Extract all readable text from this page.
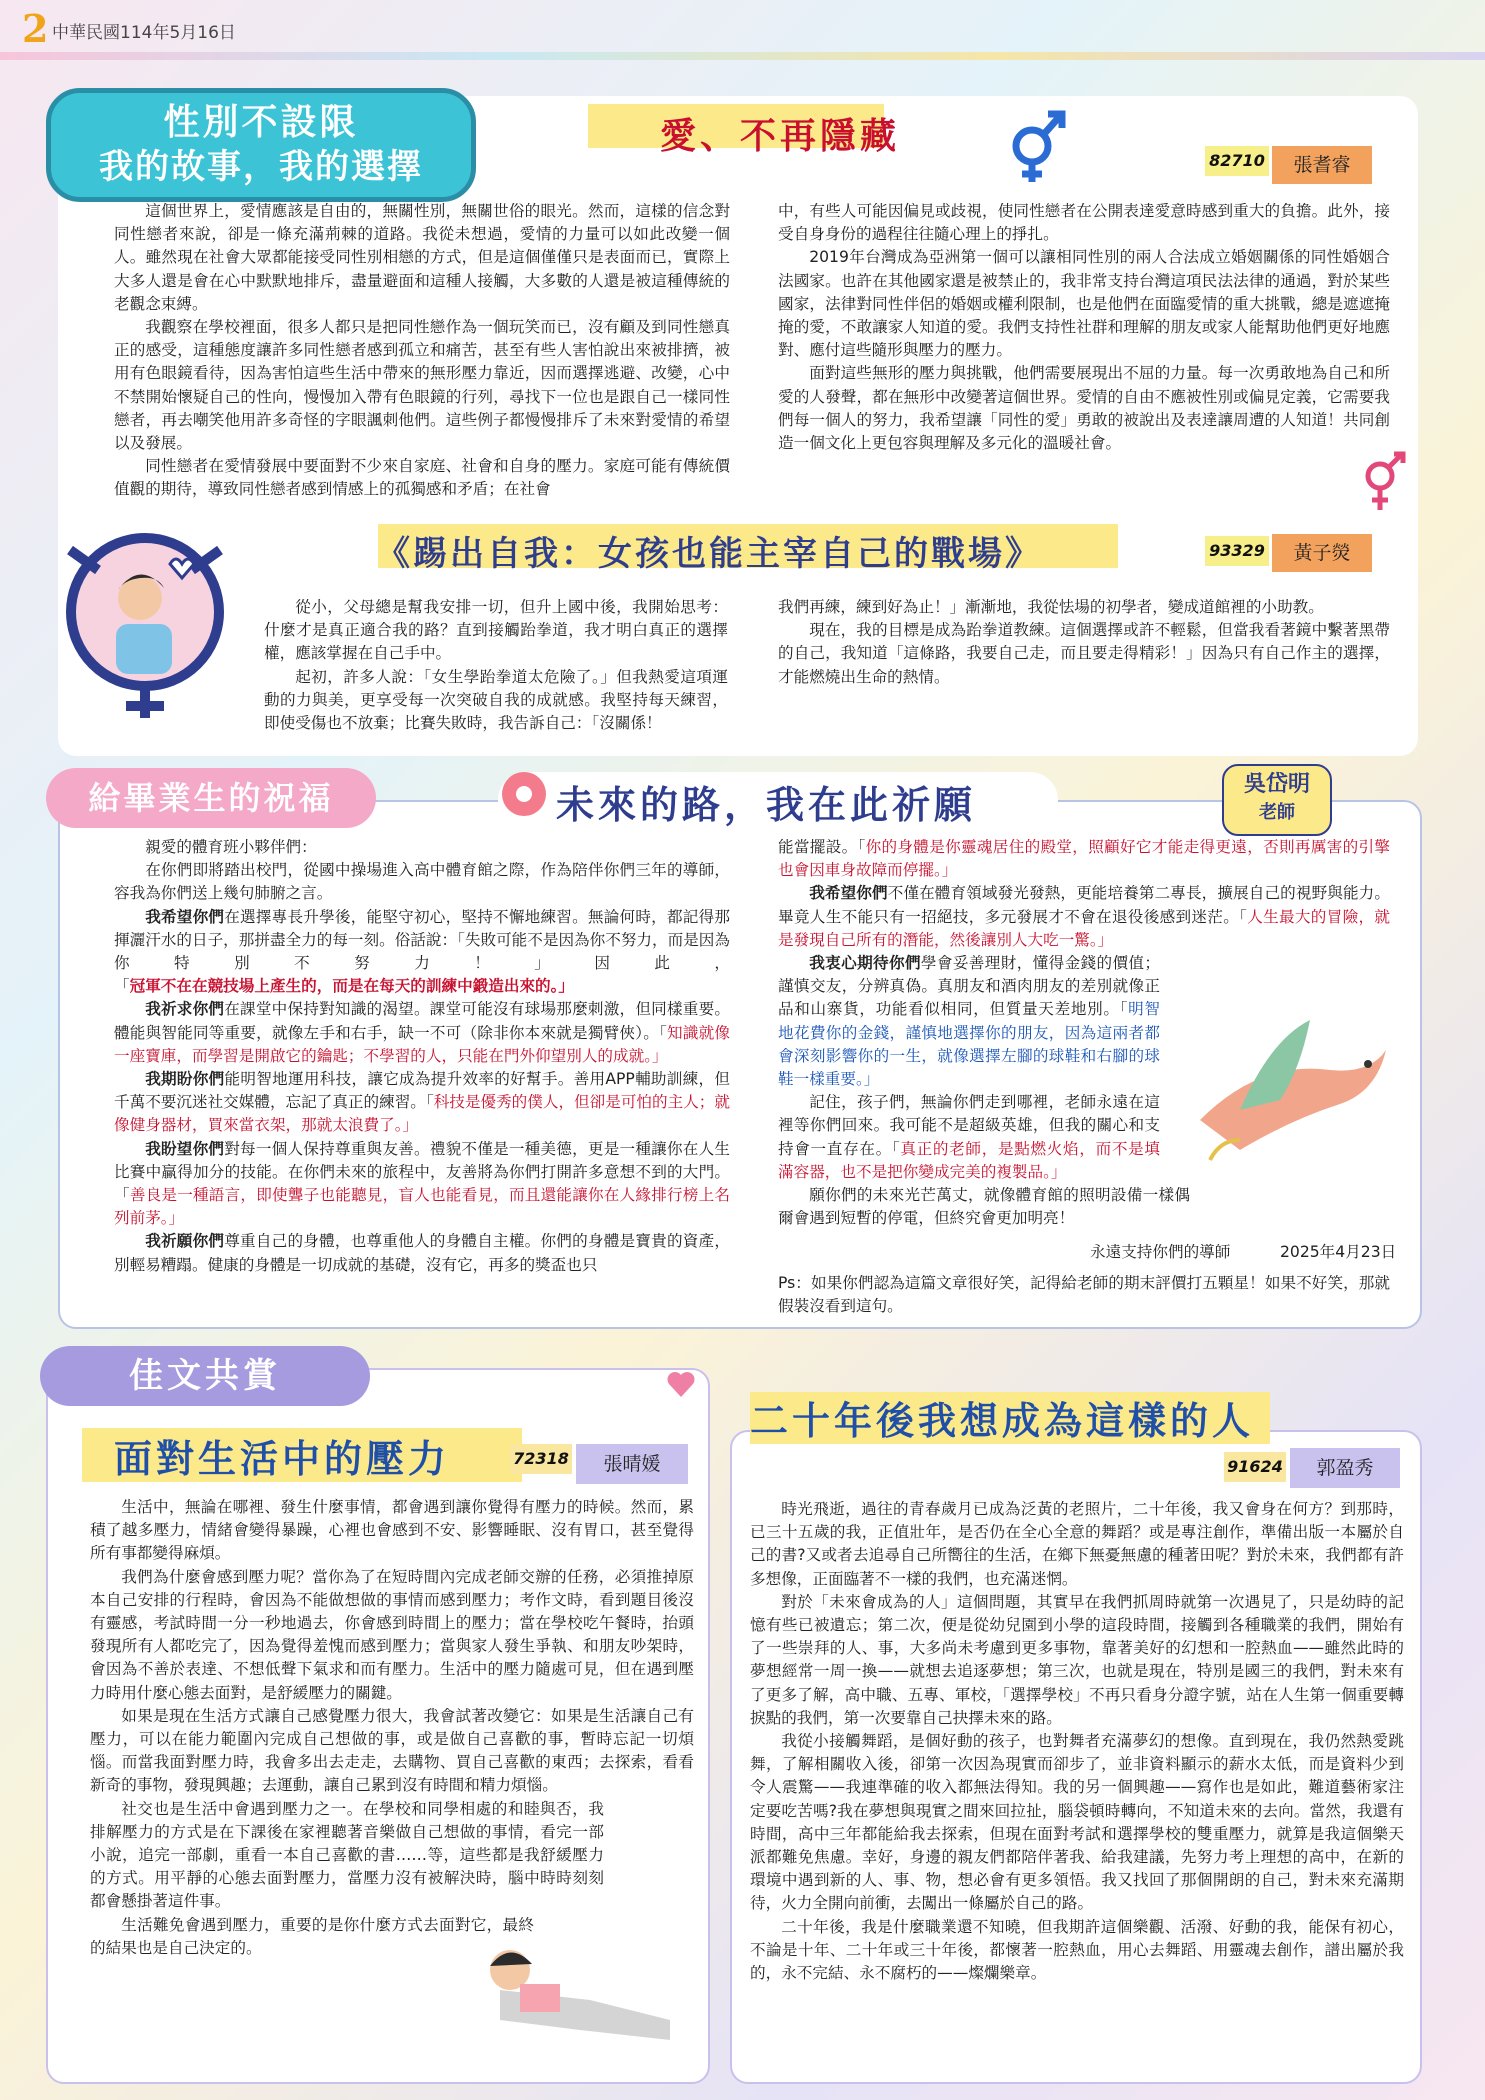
2 中華民國114年5月16日
性別不設限
我的故事，我的選擇
愛、不再隱藏
82710	張耆睿

這個世界上，愛情應該是自由的，無關性別，無關世俗的眼光。然而，這樣的信念對同性戀者來說，卻是一條充滿荊棘的道路。我從未想過，愛情的力量可以如此改變一個人。雖然現在社會大眾都能接受同性別相戀的方式，但是這個僅僅只是表面而已，實際上大多人還是會在心中默默地排斥，盡量避面和這種人接觸，大多數的人還是被這種傳統的老觀念束縛。

我觀察在學校裡面，很多人都只是把同性戀作為一個玩笑而已，沒有顧及到同性戀真正的感受，這種態度讓許多同性戀者感到孤立和痛苦，甚至有些人害怕說出來被排擠，被用有色眼鏡看待，因為害怕這些生活中帶來的無形壓力靠近，因而選擇逃避、改變，心中不禁開始懷疑自己的性向，慢慢加入帶有色眼鏡的行列，尋找下一位也是跟自己一樣同性戀者，再去嘲笑他用許多奇怪的字眼諷刺他們。這些例子都慢慢排斥了未來對愛情的希望以及發展。

同性戀者在愛情發展中要面對不少來自家庭、社會和自身的壓力。家庭可能有傳統價值觀的期待，導致同性戀者感到情感上的孤獨感和矛盾；在社會

中，有些人可能因偏見或歧視，使同性戀者在公開表達愛意時感到重大的負擔。此外，接受自身身份的過程往往隨心理上的掙扎。

2019年台灣成為亞洲第一個可以讓相同性別的兩人合法成立婚姻關係的同性婚姻合法國家。也許在其他國家還是被禁止的，我非常支持台灣這項民法法律的通過，對於某些國家，法律對同性伴侶的婚姻或權利限制，也是他們在面臨愛情的重大挑戰，總是遮遮掩掩的愛，不敢讓家人知道的愛。我們支持性社群和理解的朋友或家人能幫助他們更好地應對、應付這些隨形與壓力的壓力。

面對這些無形的壓力與挑戰，他們需要展現出不屈的力量。每一次勇敢地為自己和所愛的人發聲，都在無形中改變著這個世界。愛情的自由不應被性別或偏見定義，它需要我們每一個人的努力，我希望讓「同性的愛」勇敢的被說出及表達讓周遭的人知道！共同創造一個文化上更包容與理解及多元化的溫暖社會。

《踢出自我：女孩也能主宰自己的戰場》	93329	黃子熒

從小，父母總是幫我安排一切，但升上國中後，我開始思考：什麼才是真正適合我的路？直到接觸跆拳道，我才明白真正的選擇權，應該掌握在自己手中。

起初，許多人說：「女生學跆拳道太危險了。」但我熱愛這項運動的力與美，更享受每一次突破自我的成就感。我堅持每天練習，即使受傷也不放棄；比賽失敗時，我告訴自己：「沒關係！

我們再練，練到好為止！」漸漸地，我從怯場的初學者，變成道館裡的小助教。

現在，我的目標是成為跆拳道教練。這個選擇或許不輕鬆，但當我看著鏡中繫著黑帶的自己，我知道「這條路，我要自己走，而且要走得精彩！」因為只有自己作主的選擇，才能燃燒出生命的熱情。

給畢業生的祝福	未來的路，我在此祈願	吳岱明
老師

親愛的體育班小夥伴們：

在你們即將踏出校門，從國中操場進入高中體育館之際，作為陪伴你們三年的導師，容我為你們送上幾句肺腑之言。

我希望你們在選擇專長升學後，能堅守初心，堅持不懈地練習。無論何時，都記得那揮灑汗水的日子，那拼盡全力的每一刻。俗話說：「失敗可能不是因為你不努力，而是因為你特別不努力！」因此，「冠軍不在在競技場上產生的，而是在每天的訓練中鍛造出來的。」

我祈求你們在課堂中保持對知識的渴望。課堂可能沒有球場那麼刺激，但同樣重要。體能與智能同等重要，就像左手和右手，缺一不可（除非你本來就是獨臂俠）。「知識就像一座寶庫，而學習是開啟它的鑰匙；不學習的人，只能在門外仰望別人的成就。」

我期盼你們能明智地運用科技，讓它成為提升效率的好幫手。善用APP輔助訓練，但千萬不要沉迷社交媒體，忘記了真正的練習。「科技是優秀的僕人，但卻是可怕的主人；就像健身器材，買來當衣架，那就太浪費了。」

我盼望你們對每一個人保持尊重與友善。禮貌不僅是一種美德，更是一種讓你在人生比賽中贏得加分的技能。在你們未來的旅程中，友善將為你們打開許多意想不到的大門。「善良是一種語言，即使聾子也能聽見，盲人也能看見，而且還能讓你在人緣排行榜上名列前茅。」

我祈願你們尊重自己的身體，也尊重他人的身體自主權。你們的身體是寶貴的資產，別輕易糟蹋。健康的身體是一切成就的基礎，沒有它，再多的獎盃也只

能當擺設。「你的身體是你靈魂居住的殿堂，照顧好它才能走得更遠，否則再厲害的引擎也會因車身故障而停擺。」

我希望你們不僅在體育領域發光發熱，更能培養第二專長，擴展自己的視野與能力。畢竟人生不能只有一招絕技，多元發展才不會在退役後感到迷茫。「人生最大的冒險，就是發現自己所有的潛能，然後讓別人大吃一驚。」

我衷心期待你們學會妥善理財，懂得金錢的價值；謹慎交友，分辨真偽。真朋友和酒肉朋友的差別就像正品和山寨貨，功能看似相同，但質量天差地別。「明智地花費你的金錢，謹慎地選擇你的朋友，因為這兩者都會深刻影響你的一生，就像選擇左腳的球鞋和右腳的球鞋一樣重要。」

記住，孩子們，無論你們走到哪裡，老師永遠在這裡等你們回來。我可能不是超級英雄，但我的關心和支持會一直存在。「真正的老師，是點燃火焰，而不是填滿容器，也不是把你變成完美的複製品。」

願你們的未來光芒萬丈，就像體育館的照明設備一樣偶爾會遇到短暫的停電，但終究會更加明亮！

永遠支持你們的導師	2025年4月23日

Ps：如果你們認為這篇文章很好笑，記得給老師的期末評價打五顆星！如果不好笑，那就假裝沒看到這句。

佳文共賞
面對生活中的壓力	72318	張晴媛

生活中，無論在哪裡、發生什麼事情，都會遇到讓你覺得有壓力的時候。然而，累積了越多壓力，情緒會變得暴躁，心裡也會感到不安、影響睡眠、沒有胃口，甚至覺得所有事都變得麻煩。

我們為什麼會感到壓力呢？當你為了在短時間內完成老師交辦的任務，必須推掉原本自己安排的行程時，會因為不能做想做的事情而感到壓力；考作文時，看到題目後沒有靈感，考試時間一分一秒地過去，你會感到時間上的壓力；當在學校吃午餐時，抬頭發現所有人都吃完了，因為覺得羞愧而感到壓力；當與家人發生爭執、和朋友吵架時，會因為不善於表達、不想低聲下氣求和而有壓力。生活中的壓力隨處可見，但在遇到壓力時用什麼心態去面對，是舒緩壓力的關鍵。

如果是現在生活方式讓自己感覺壓力很大，我會試著改變它：如果是生活讓自己有壓力，可以在能力範圍內完成自己想做的事，或是做自己喜歡的事，暫時忘記一切煩惱。而當我面對壓力時，我會多出去走走，去購物、買自己喜歡的東西；去探索，看看新奇的事物，發現興趣；去運動，讓自己累到沒有時間和精力煩惱。

社交也是生活中會遇到壓力之一。在學校和同學相處的和睦與否，我排解壓力的方式是在下課後在家裡聽著音樂做自己想做的事情，看完一部小說，追完一部劇，重看一本自己喜歡的書……等，這些都是我舒緩壓力的方式。用平靜的心態去面對壓力，當壓力沒有被解決時，腦中時時刻刻都會懸掛著這件事。

生活難免會遇到壓力，重要的是你什麼方式去面對它，最終的結果也是自己決定的。

二十年後我想成為這樣的人
91624	郭盈秀

時光飛逝，過往的青春歲月已成為泛黃的老照片，二十年後，我又會身在何方？到那時，已三十五歲的我，正值壯年，是否仍在全心全意的舞蹈？或是專注創作，準備出版一本屬於自己的書?又或者去追尋自己所嚮往的生活，在鄉下無憂無慮的種著田呢？對於未來，我們都有許多想像，正面臨著不一樣的我們，也充滿迷惘。

對於「未來會成為的人」這個問題，其實早在我們抓周時就第一次遇見了，只是幼時的記憶有些已被遺忘；第二次，便是從幼兒園到小學的這段時間，接觸到各種職業的我們，開始有了一些崇拜的人、事，大多尚未考慮到更多事物，靠著美好的幻想和一腔熱血——雖然此時的夢想經常一周一換——就想去追逐夢想；第三次，也就是現在，特別是國三的我們，對未來有了更多了解，高中職、五專、軍校，「選擇學校」不再只看身分證字號，站在人生第一個重要轉捩點的我們，第一次要靠自己抉擇未來的路。

我從小接觸舞蹈，是個好動的孩子，也對舞者充滿夢幻的想像。直到現在，我仍然熱愛跳舞，了解相關收入後，卻第一次因為現實而卻步了，並非資料顯示的薪水太低，而是資料少到令人震驚——我連準確的收入都無法得知。我的另一個興趣——寫作也是如此，難道藝術家注定要吃苦嗎?我在夢想與現實之間來回拉扯，腦袋頓時轉向，不知道未來的去向。當然，我還有時間，高中三年都能給我去探索，但現在面對考試和選擇學校的雙重壓力，就算是我這個樂天派都難免焦慮。幸好，身邊的親友們都陪伴著我、給我建議，先努力考上理想的高中，在新的環境中遇到新的人、事、物，想必會有更多領悟。我又找回了那個開朗的自己，對未來充滿期待，火力全開向前衝，去闖出一條屬於自己的路。

二十年後，我是什麼職業還不知曉，但我期許這個樂觀、活潑、好動的我，能保有初心，不論是十年、二十年或三十年後，都懷著一腔熱血，用心去舞蹈、用靈魂去創作，譜出屬於我的，永不完結、永不腐朽的——燦爛樂章。
